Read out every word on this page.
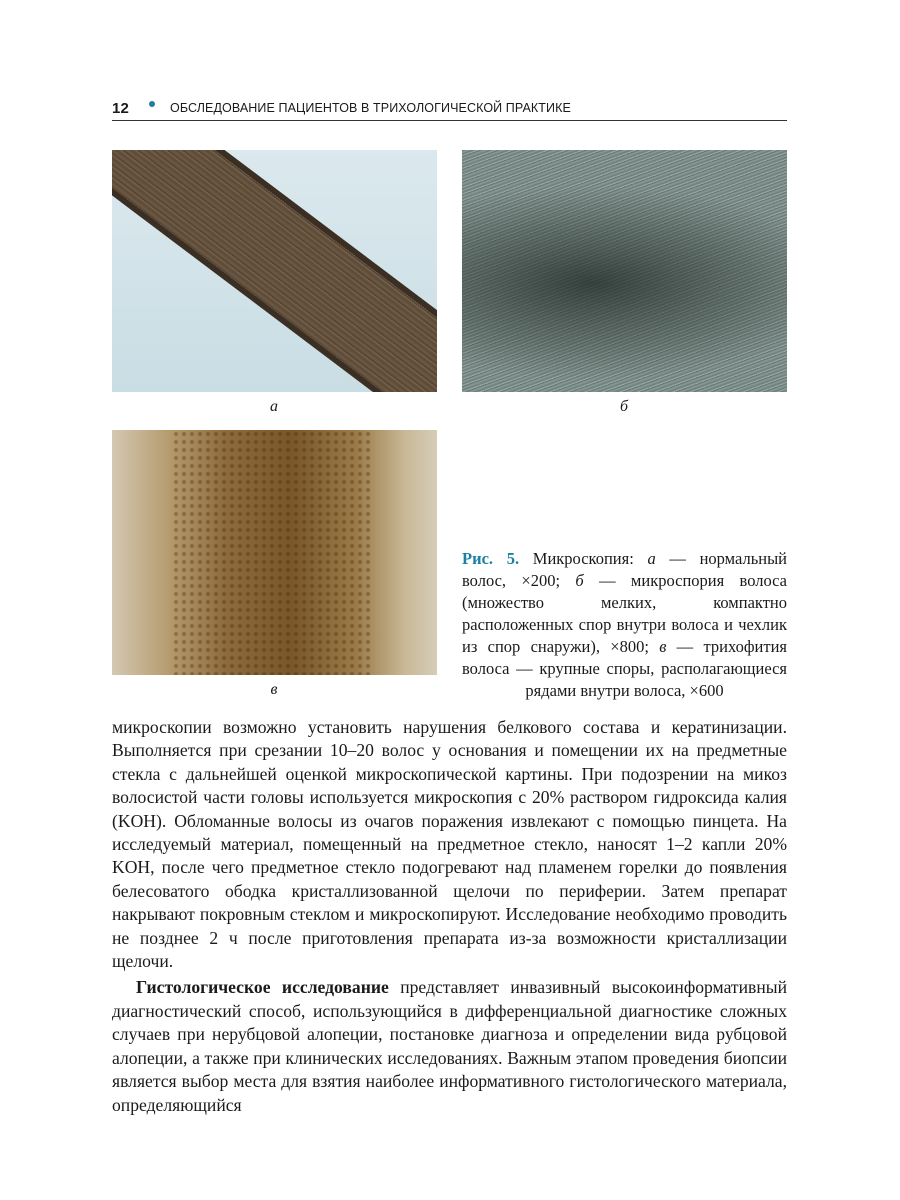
12	ОБСЛЕДОВАНИЕ ПАЦИЕНТОВ В ТРИХОЛОГИЧЕСКОЙ ПРАКТИКЕ
а	б
в
Рис. 5. Микроскопия: а — нормальный волос, ×200; б — микроспория волоса (множество мелких, компактно расположенных спор внутри волоса и чехлик из спор снаружи), ×800; в — трихофития волоса — крупные споры, располагающиеся рядами внутри волоса, ×600

микроскопии возможно установить нарушения белкового состава и кератинизации. Выполняется при срезании 10–20 волос у основания и помещении их на предметные стекла с дальнейшей оценкой микроскопической картины. При подозрении на микоз волосистой части головы используется микроскопия с 20% раствором гидроксида калия (KOH). Обломанные волосы из очагов поражения извлекают с помощью пинцета. На исследуемый материал, помещенный на предметное стекло, наносят 1–2 капли 20% KOH, после чего предметное стекло подогревают над пламенем горелки до появления белесоватого ободка кристаллизованной щелочи по периферии. Затем препарат накрывают покровным стеклом и микроскопируют. Исследование необходимо проводить не позднее 2 ч после приготовления препарата из-за возможности кристаллизации щелочи.

Гистологическое исследование представляет инвазивный высокоинформативный диагностический способ, использующийся в дифференциальной диагностике сложных случаев при нерубцовой алопеции, постановке диагноза и определении вида рубцовой алопеции, а также при клинических исследованиях. Важным этапом проведения биопсии является выбор места для взятия наиболее информативного гистологического материала, определяющийся
